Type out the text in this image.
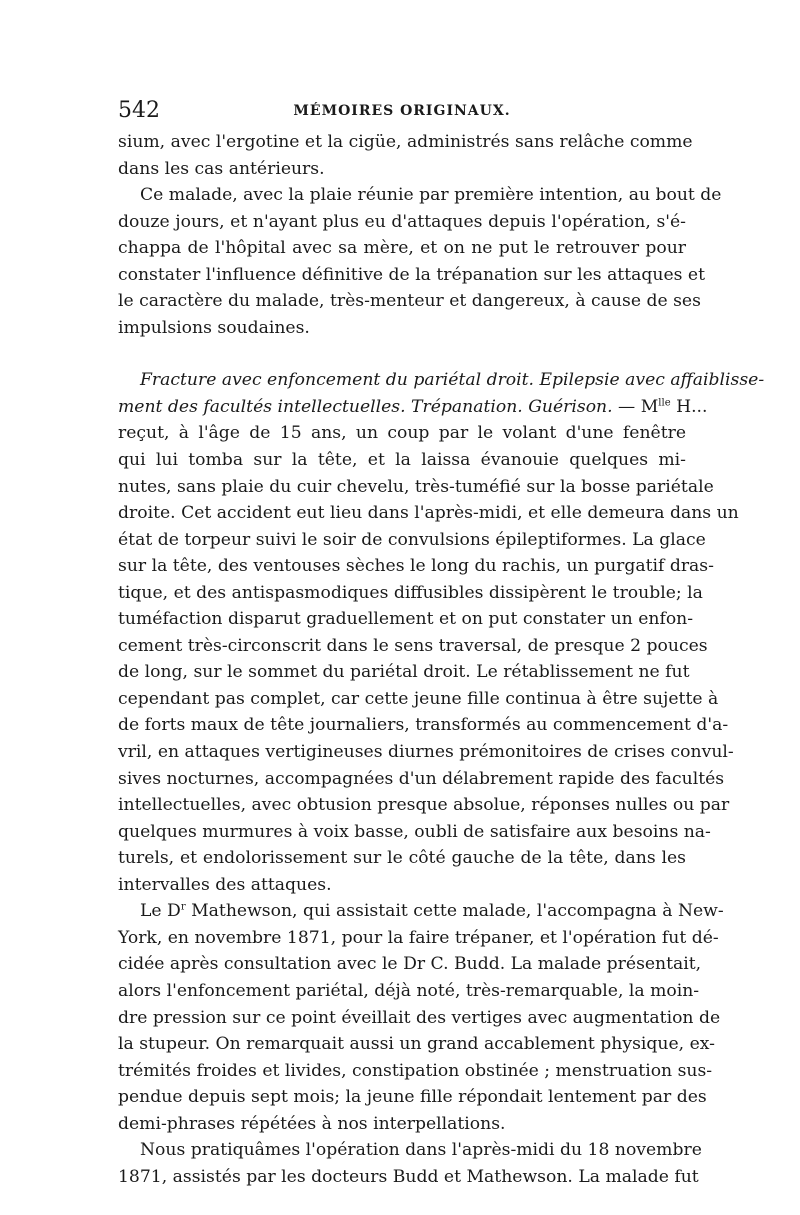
542	MÉMOIRES ORIGINAUX.
sium, avec l'ergotine et la cigüe, administrés sans relâche comme
dans les cas antérieurs.
Ce malade, avec la plaie réunie par première intention, au bout de
douze jours, et n'ayant plus eu d'attaques depuis l'opération, s'é-
chappa de l'hôpital avec sa mère, et on ne put le retrouver pour
constater l'influence définitive de la trépanation sur les attaques et
le caractère du malade, très-menteur et dangereux, à cause de ses
impulsions soudaines.
Fracture avec enfoncement du pariétal droit. Epilepsie avec affaiblisse-
ment des facultés intellectuelles. Trépanation. Guérison. — $M^{lle}$ H...
reçut, à l'âge de 15 ans, un coup par le volant d'une fenêtre
qui lui tomba sur la tête, et la laissa évanouie quelques mi-
nutes, sans plaie du cuir chevelu, très-tuméfié sur la bosse pariétale
droite. Cet accident eut lieu dans l'après-midi, et elle demeura dans un
état de torpeur suivi le soir de convulsions épileptiformes. La glace
sur la tête, des ventouses sèches le long du rachis, un purgatif dras-
tique, et des antispasmodiques diffusibles dissipèrent le trouble; la
tuméfaction disparut graduellement et on put constater un enfon-
cement très-circonscrit dans le sens traversal, de presque 2 pouces
de long, sur le sommet du pariétal droit. Le rétablissement ne fut
cependant pas complet, car cette jeune fille continua à être sujette à
de forts maux de tête journaliers, transformés au commencement d'a-
vril, en attaques vertigineuses diurnes prémonitoires de crises convul-
sives nocturnes, accompagnées d'un délabrement rapide des facultés
intellectuelles, avec obtusion presque absolue, réponses nulles ou par
quelques murmures à voix basse, oubli de satisfaire aux besoins na-
turels, et endolorissement sur le côté gauche de la tête, dans les
intervalles des attaques.
Le $D^r$ Mathewson, qui assistait cette malade, l'accompagna à New-
York, en novembre 1871, pour la faire trépaner, et l'opération fut dé-
cidée après consultation avec le Dr C. Budd. La malade présentait,
alors l'enfoncement pariétal, déjà noté, très-remarquable, la moin-
dre pression sur ce point éveillait des vertiges avec augmentation de
la stupeur. On remarquait aussi un grand accablement physique, ex-
trémités froides et livides, constipation obstinée ; menstruation sus-
pendue depuis sept mois; la jeune fille répondait lentement par des
demi-phrases répétées à nos interpellations.
Nous pratiquâmes l'opération dans l'après-midi du 18 novembre
1871, assistés par les docteurs Budd et Mathewson. La malade fut
